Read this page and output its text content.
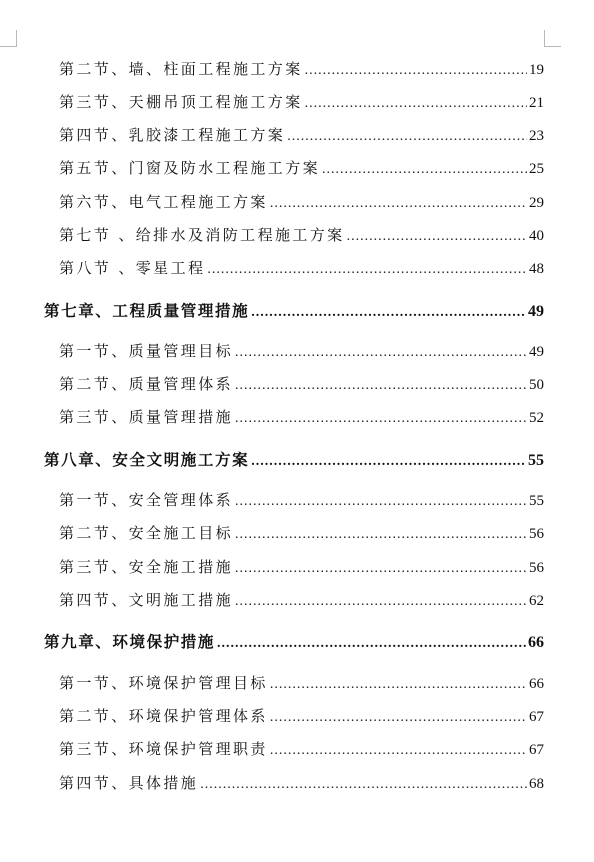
第二节、墙、柱面工程施工方案 .....	19
第三节、天棚吊顶工程施工方案 .....	21
第四节、乳胶漆工程施工方案 .....	23
第五节、门窗及防水工程施工方案 .....	25
第六节、电气工程施工方案 .....	29
第七节 、给排水及消防工程施工方案 .....	40
第八节 、零星工程 .....	48
第七章、工程质量管理措施 .....	49
第一节、质量管理目标 .....	49
第二节、质量管理体系 .....	50
第三节、质量管理措施 .....	52
第八章、安全文明施工方案 .....	55
第一节、安全管理体系 .....	55
第二节、安全施工目标 .....	56
第三节、安全施工措施 .....	56
第四节、文明施工措施 .....	62
第九章、环境保护措施 .....	66
第一节、环境保护管理目标 .....	66
第二节、环境保护管理体系 .....	67
第三节、环境保护管理职责 .....	67
第四节、具体措施 .....	68
